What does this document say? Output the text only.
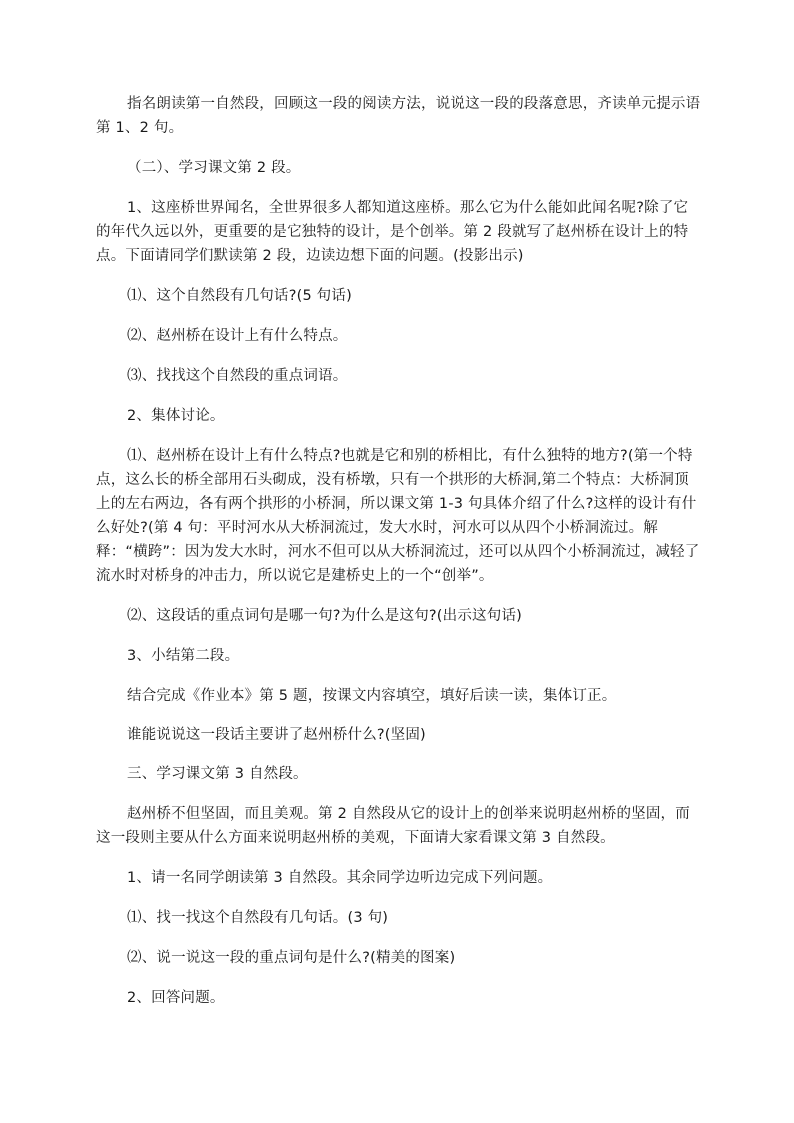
指名朗读第一自然段，回顾这一段的阅读方法，说说这一段的段落意思，齐读单元提示语第 1、2 句。

（二）、学习课文第 2 段。

1、这座桥世界闻名，全世界很多人都知道这座桥。那么它为什么能如此闻名呢?除了它的年代久远以外，更重要的是它独特的设计，是个创举。第 2 段就写了赵州桥在设计上的特点。下面请同学们默读第 2 段，边读边想下面的问题。(投影出示)

⑴、这个自然段有几句话?(5 句话)

⑵、赵州桥在设计上有什么特点。

⑶、找找这个自然段的重点词语。

2、集体讨论。

⑴、赵州桥在设计上有什么特点?也就是它和别的桥相比，有什么独特的地方?(第一个特点，这么长的桥全部用石头砌成，没有桥墩，只有一个拱形的大桥洞,第二个特点：大桥洞顶上的左右两边，各有两个拱形的小桥洞，所以课文第 1-3 句具体介绍了什么?这样的设计有什么好处?(第 4 句：平时河水从大桥洞流过，发大水时，河水可以从四个小桥洞流过。解释：“横跨”：因为发大水时，河水不但可以从大桥洞流过，还可以从四个小桥洞流过，减轻了流水时对桥身的冲击力，所以说它是建桥史上的一个“创举”。

⑵、这段话的重点词句是哪一句?为什么是这句?(出示这句话)

3、小结第二段。

结合完成《作业本》第 5 题，按课文内容填空，填好后读一读，集体订正。

谁能说说这一段话主要讲了赵州桥什么?(坚固)

三、学习课文第 3 自然段。

赵州桥不但坚固，而且美观。第 2 自然段从它的设计上的创举来说明赵州桥的坚固，而这一段则主要从什么方面来说明赵州桥的美观，下面请大家看课文第 3 自然段。

1、请一名同学朗读第 3 自然段。其余同学边听边完成下列问题。

⑴、找一找这个自然段有几句话。(3 句)

⑵、说一说这一段的重点词句是什么?(精美的图案)

2、回答问题。
